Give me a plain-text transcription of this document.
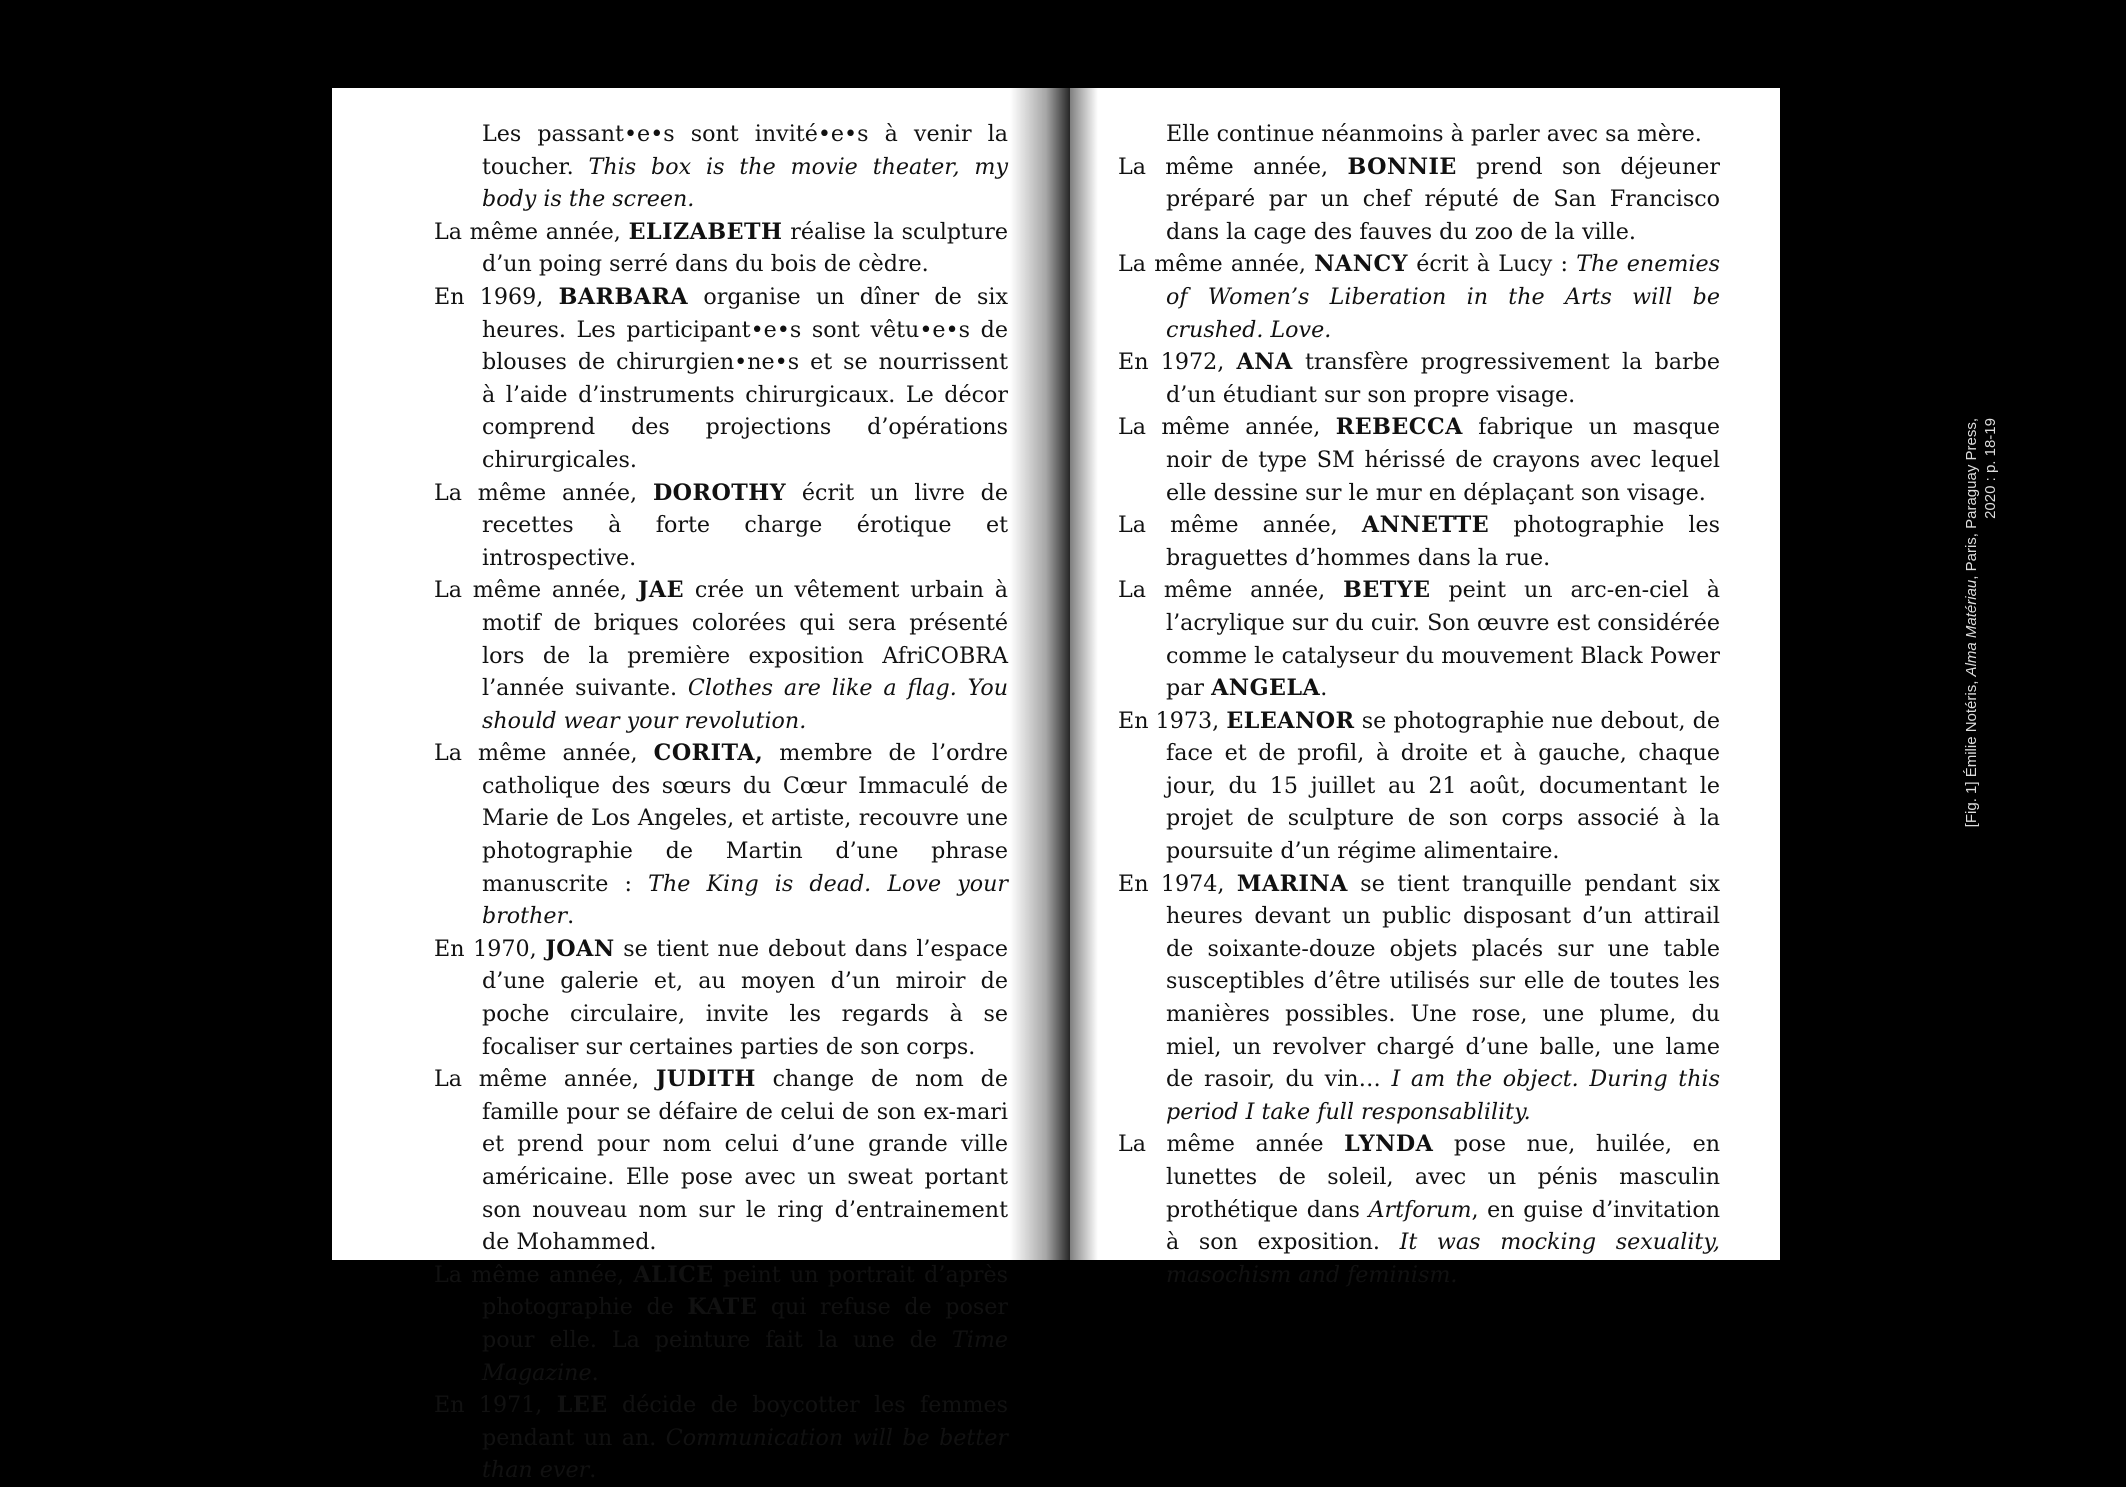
Les passant•e•s sont invité•e•s à venir la toucher. This box is the movie theater, my body is the screen.

La même année, ELIZABETH réalise la sculpture d’un poing serré dans du bois de cèdre.

En 1969, BARBARA organise un dîner de six heures. Les participant•e•s sont vêtu•e•s de blouses de chirurgien•ne•s et se nourrissent à l’aide d’instruments chirurgicaux. Le décor comprend des projections d’opérations chirurgicales.

La même année, DOROTHY écrit un livre de recettes à forte charge érotique et introspective.

La même année, JAE crée un vêtement urbain à motif de briques colorées qui sera présenté lors de la première exposition AfriCOBRA l’année suivante. Clothes are like a flag. You should wear your revolution.

La même année, CORITA, membre de l’ordre catholique des sœurs du Cœur Immaculé de Marie de Los Angeles, et artiste, recouvre une photographie de Martin d’une phrase manuscrite : The King is dead. Love your brother.

En 1970, JOAN se tient nue debout dans l’espace d’une galerie et, au moyen d’un miroir de poche circulaire, invite les regards à se focaliser sur certaines parties de son corps.

La même année, JUDITH change de nom de famille pour se défaire de celui de son ex-mari et prend pour nom celui d’une grande ville américaine. Elle pose avec un sweat portant son nouveau nom sur le ring d’entrainement de Mohammed.

La même année, ALICE peint un portrait d’après photographie de KATE qui refuse de poser pour elle. La peinture fait la une de Time Magazine.

En 1971, LEE décide de boycotter les femmes pendant un an. Communication will be better than ever.

Elle continue néanmoins à parler avec sa mère.

La même année, BONNIE prend son déjeuner préparé par un chef réputé de San Francisco dans la cage des fauves du zoo de la ville.

La même année, NANCY écrit à Lucy : The enemies of Women’s Liberation in the Arts will be crushed. Love.

En 1972, ANA transfère progressivement la barbe d’un étudiant sur son propre visage.

La même année, REBECCA fabrique un masque noir de type SM hérissé de crayons avec lequel elle dessine sur le mur en déplaçant son visage.

La même année, ANNETTE photographie les braguettes d’hommes dans la rue.

La même année, BETYE peint un arc-en-ciel à l’acrylique sur du cuir. Son œuvre est considérée comme le catalyseur du mouvement Black Power par ANGELA.

En 1973, ELEANOR se photographie nue debout, de face et de profil, à droite et à gauche, chaque jour, du 15 juillet au 21 août, documentant le projet de sculpture de son corps associé à la poursuite d’un régime alimentaire.

En 1974, MARINA se tient tranquille pendant six heures devant un public disposant d’un attirail de soixante-douze objets placés sur une table susceptibles d’être utilisés sur elle de toutes les manières possibles. Une rose, une plume, du miel, un revolver chargé d’une balle, une lame de rasoir, du vin… I am the object. During this period I take full responsablility.

La même année LYNDA pose nue, huilée, en lunettes de soleil, avec un pénis masculin prothétique dans Artforum, en guise d’invitation à son exposition. It was mocking sexuality, masochism and feminism.

[Fig. 1] Émilie Notéris, Alma Matériau, Paris, Paraguay Press, 2020 : p. 18-19
